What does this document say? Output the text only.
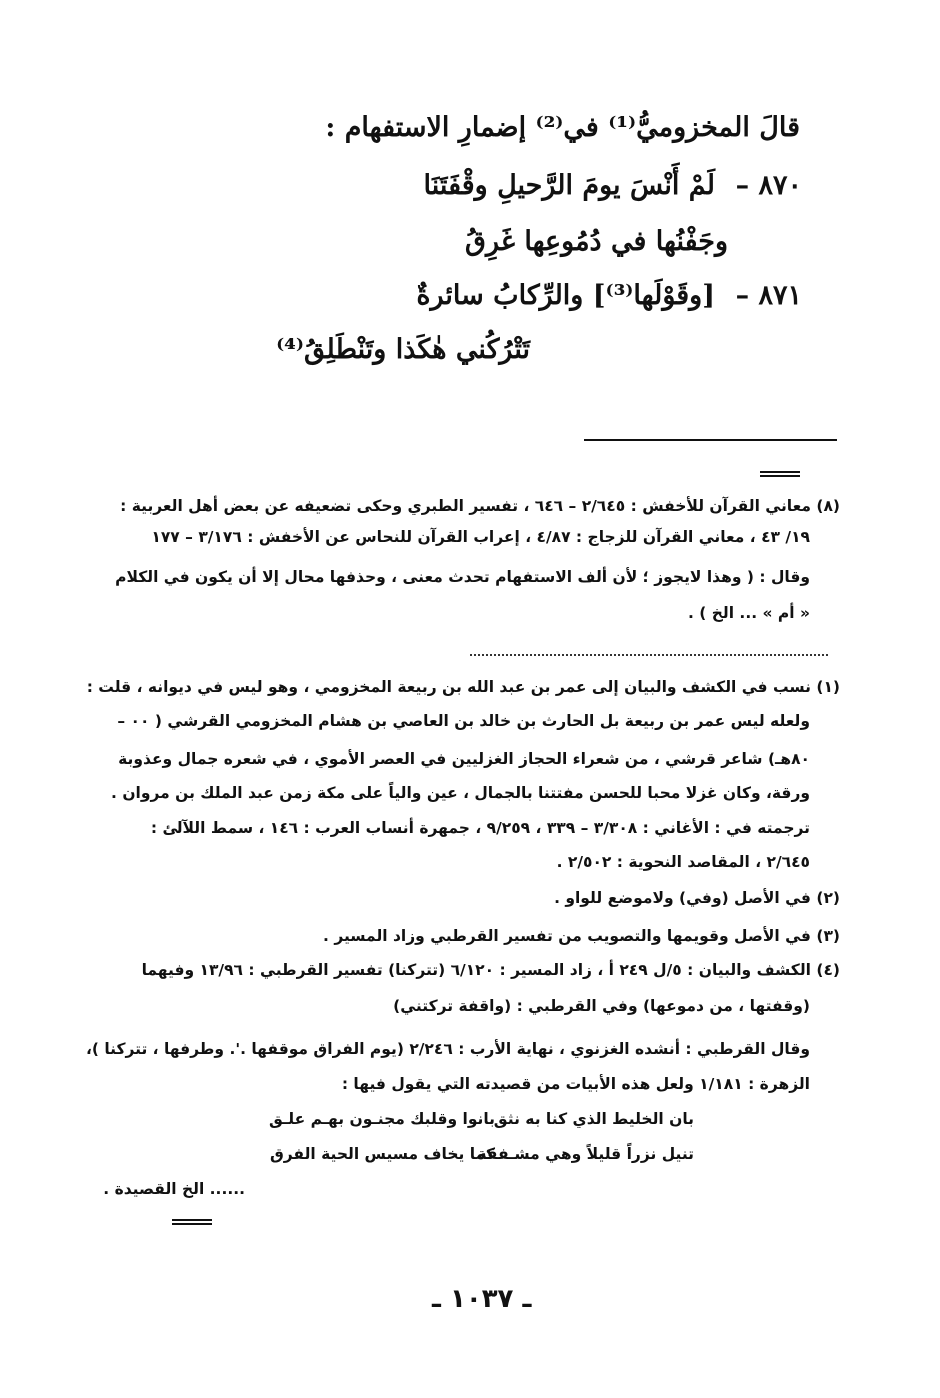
قالَ المخزوميُّ⁽¹⁾ في⁽²⁾ إضمارِ الاستفهام :
٨٧٠ –
لَمْ أَنْسَ يومَ الرَّحيلِ وقْفَتَنَا
وجَفْنُها في دُمُوعِها غَرِقُ
٨٧١ –
[وقَوْلَها⁽³⁾] والرِّكابُ سائرةٌ
تَتْرُكُني هٰكَذا وتَنْطَلِقُ⁽⁴⁾
(٨) معاني القرآن للأخفش : ٢/٦٤٥ – ٦٤٦ ، تفسير الطبري وحكى تضعيفه عن بعض أهل العربية :
١٩/ ٤٣ ، معاني القرآن للزجاج : ٤/٨٧ ، إعراب القرآن للنحاس عن الأخفش : ٣/١٧٦ – ١٧٧
وقال : ( وهذا لايجوز ؛ لأن ألف الاستفهام تحدث معنى ، وحذفها محال إلا أن يكون في الكلام
« أم » ... الخ ) .
(١) نسب في الكشف والبيان إلى عمر بن عبد الله بن ربيعة المخزومي ، وهو ليس في ديوانه ، قلت :
ولعله ليس عمر بن ربيعة بل الحارث بن خالد بن العاصي بن هشام المخزومي القرشي ( ٠٠ –
٨٠هـ) شاعر قرشي ، من شعراء الحجاز الغزليين في العصر الأموي ، في شعره جمال وعذوبة
ورقة، وكان غزلا محبا للحسن مفتتنا بالجمال ، عين والياً على مكة زمن عبد الملك بن مروان .
ترجمته في : الأغاني : ٣/٣٠٨ – ٣٣٩ ، ٩/٢٥٩ ، جمهرة أنساب العرب : ١٤٦ ، سمط اللآلئ :
٢/٦٤٥ ، المقاصد النحوية : ٢/٥٠٢ .
(٢) في الأصل (وفي) ولاموضع للواو .
(٣) في الأصل وقويمها والتصويب من تفسير القرطبي وزاد المسير .
(٤) الكشف والبيان : ٥/ل ٢٤٩ أ ، زاد المسير : ٦/١٢٠ (تتركنا) تفسير القرطبي : ١٣/٩٦ وفيهما
(وقفتها ، من دموعها) وفي القرطبي : (واقفة تركتني)
وقال القرطبي : أنشده الغزنوي ، نهاية الأرب : ٢/٢٤٦ (يوم الفراق موقفها .'. وطرفها ، تتركنا )،
الزهرة : ١/١٨١ ولعل هذه الأبيات من قصيدته التي يقول فيها :
بان الخليط الذي كنا به نثق
بانوا وقلبك مجنـون بهـم علـق
تنيل نزراً قليلاً وهي مشـفقة
كما يخاف مسيس الحية الفرق
...... الخ القصيدة .
ـ ١٠٣٧ ـ
